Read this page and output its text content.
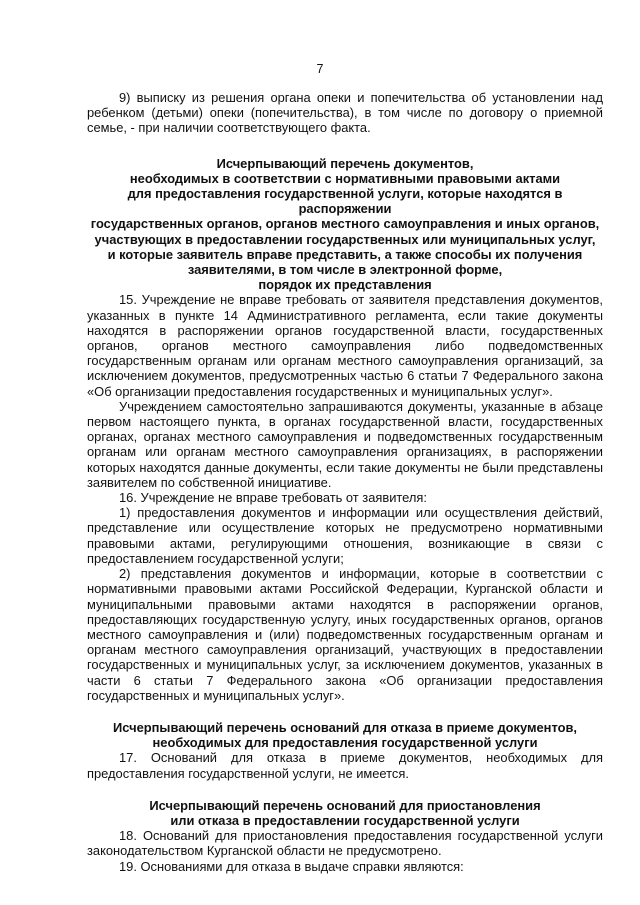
7

9) выписку из решения органа опеки и попечительства об установлении над ребенком (детьми) опеки (попечительства), в том числе по договору о приемной семье, - при наличии соответствующего факта.

Исчерпывающий перечень документов,
необходимых в соответствии с нормативными правовыми актами
для предоставления государственной услуги, которые находятся в распоряжении
государственных органов, органов местного самоуправления и иных органов,
участвующих в предоставлении государственных или муниципальных услуг,
и которые заявитель вправе представить, а также способы их получения
заявителями, в том числе в электронной форме,
порядок их представления

15. Учреждение не вправе требовать от заявителя представления документов, указанных в пункте 14 Административного регламента, если такие документы находятся в распоряжении органов государственной власти, государственных органов, органов местного самоуправления либо подведомственных государственным органам или органам местного самоуправления организаций, за исключением документов, предусмотренных частью 6 статьи 7 Федерального закона «Об организации предоставления государственных и муниципальных услуг».

Учреждением самостоятельно запрашиваются документы, указанные в абзаце первом настоящего пункта, в органах государственной власти, государственных органах, органах местного самоуправления и подведомственных государственным органам или органам местного самоуправления организациях, в распоряжении которых находятся данные документы, если такие документы не были представлены заявителем по собственной инициативе.

16. Учреждение не вправе требовать от заявителя:

1) предоставления документов и информации или осуществления действий, представление или осуществление которых не предусмотрено нормативными правовыми актами, регулирующими отношения, возникающие в связи с предоставлением государственной услуги;

2) представления документов и информации, которые в соответствии с нормативными правовыми актами Российской Федерации, Курганской области и муниципальными правовыми актами находятся в распоряжении органов, предоставляющих государственную услугу, иных государственных органов, органов местного самоуправления и (или) подведомственных государственным органам и органам местного самоуправления организаций, участвующих в предоставлении государственных и муниципальных услуг, за исключением документов, указанных в части 6 статьи 7 Федерального закона «Об организации предоставления государственных и муниципальных услуг».

Исчерпывающий перечень оснований для отказа в приеме документов,
необходимых для предоставления государственной услуги

17. Оснований для отказа в приеме документов, необходимых для предоставления государственной услуги, не имеется.

Исчерпывающий перечень оснований для приостановления
или отказа в предоставлении государственной услуги

18. Оснований для приостановления предоставления государственной услуги законодательством Курганской области не предусмотрено.

19. Основаниями для отказа в выдаче справки являются:
